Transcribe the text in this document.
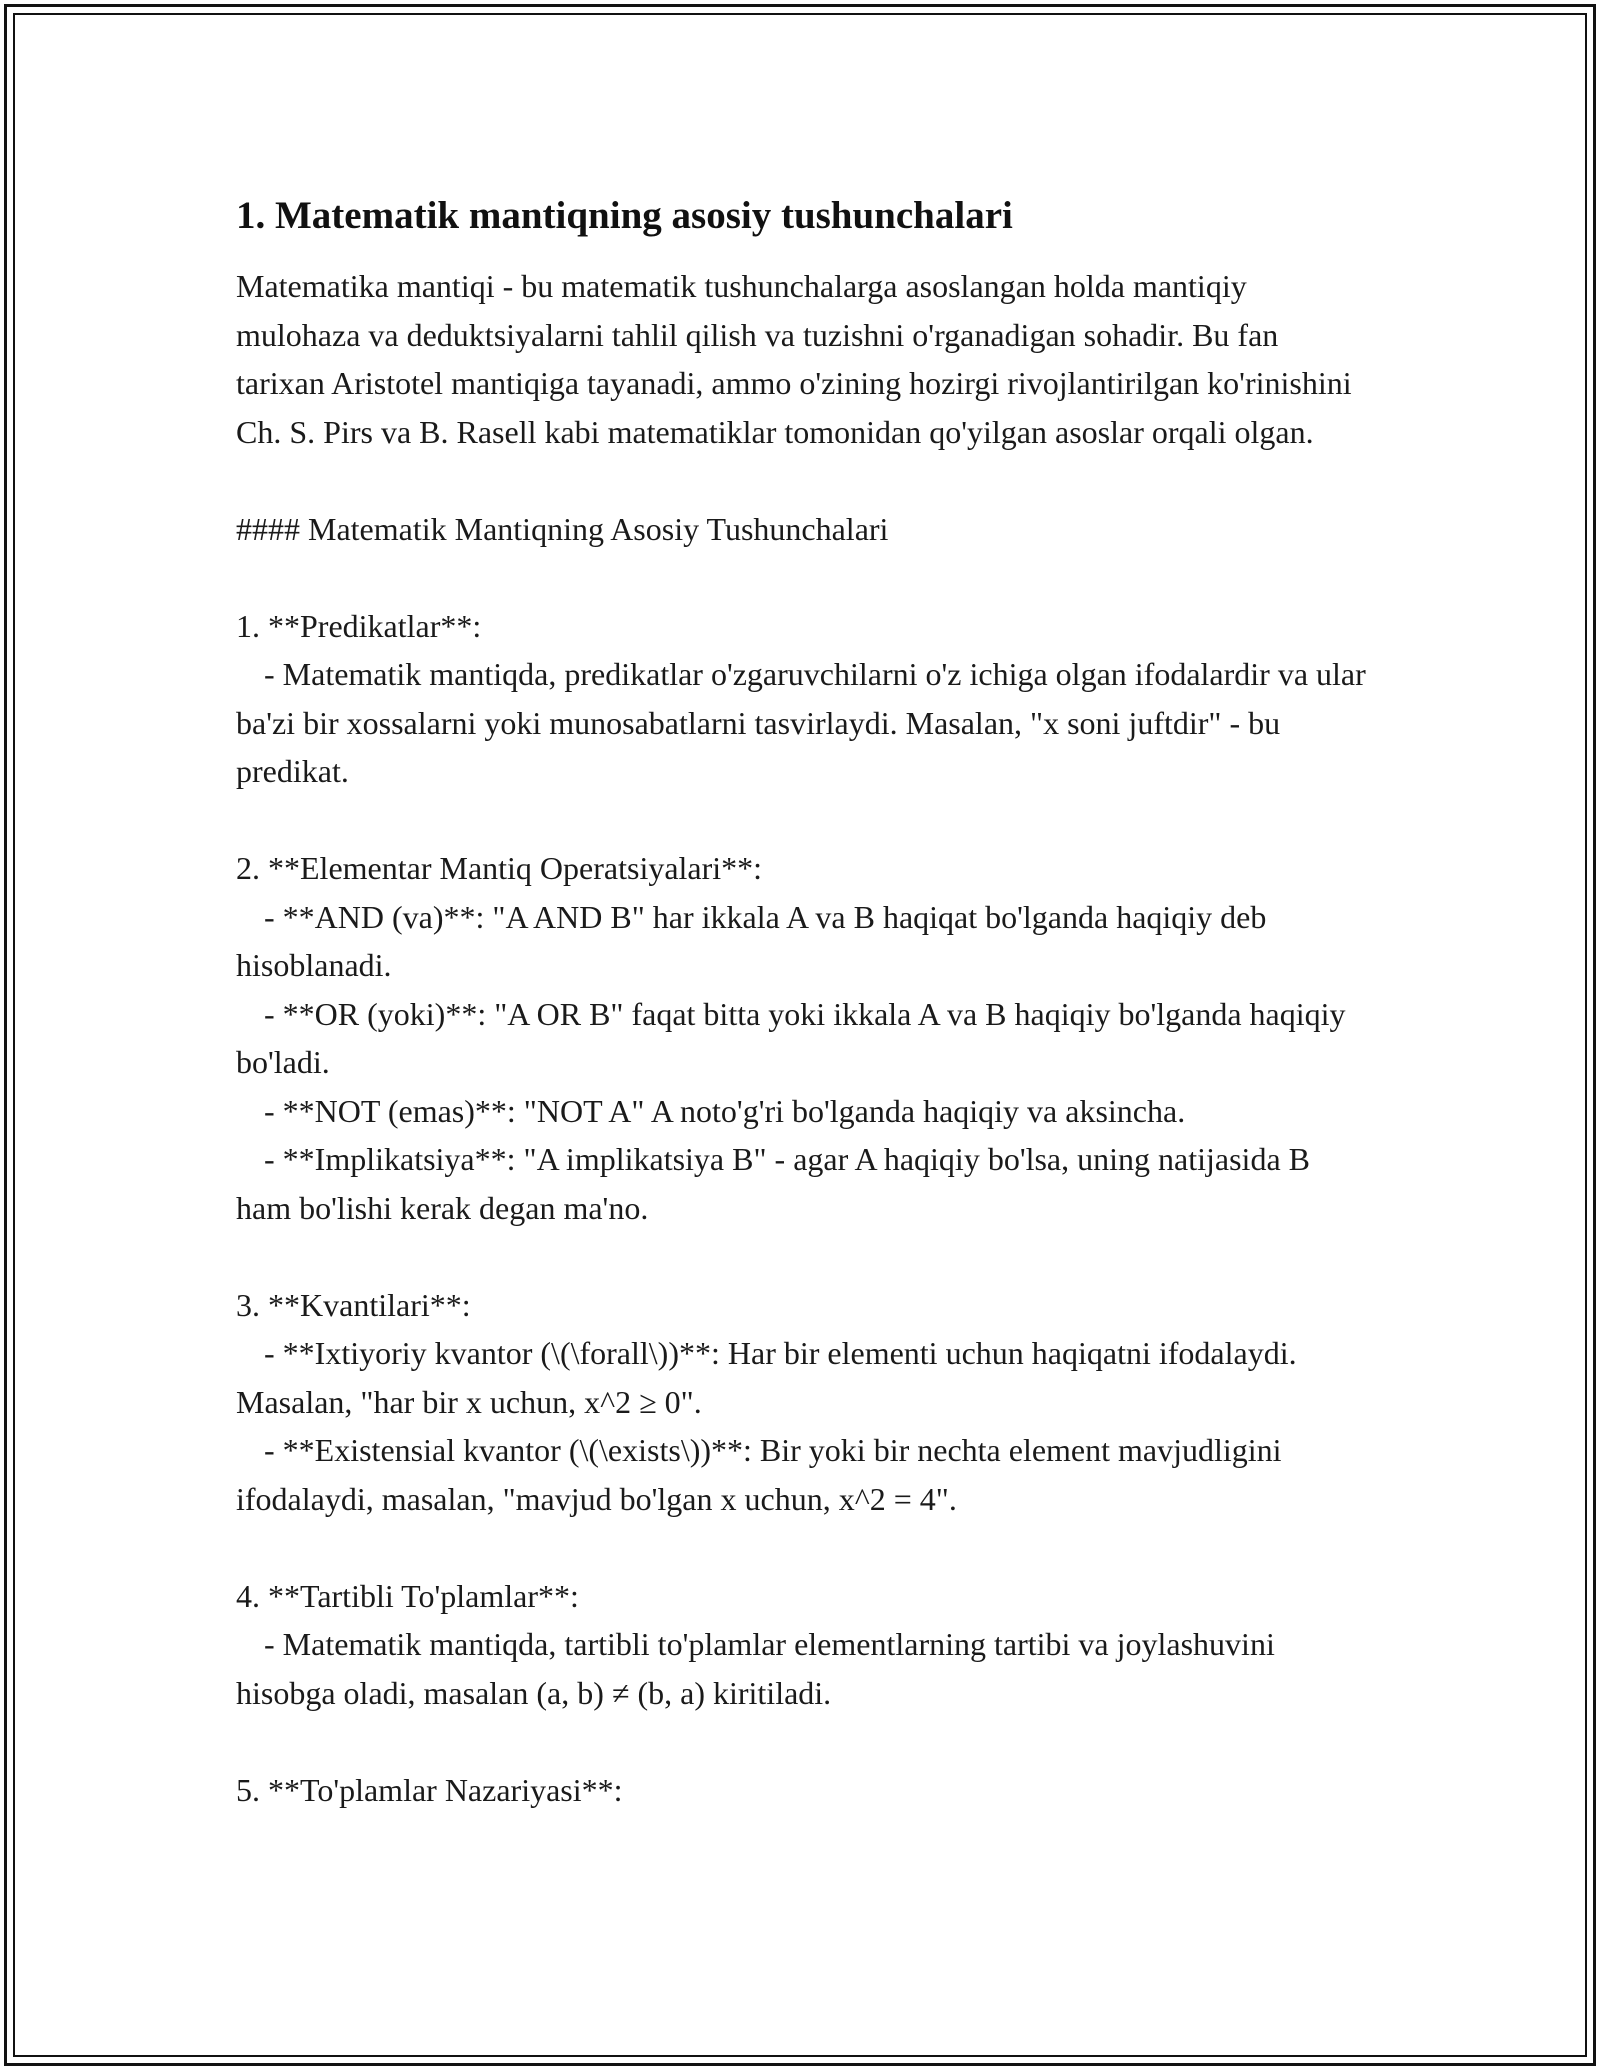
1. Matematik mantiqning asosiy tushunchalari

Matematika mantiqi - bu matematik tushunchalarga asoslangan holda mantiqiy mulohaza va deduktsiyalarni tahlil qilish va tuzishni o'rganadigan sohadir. Bu fan tarixan Aristotel mantiqiga tayanadi, ammo o'zining hozirgi rivojlantirilgan ko'rinishini Ch. S. Pirs va B. Rasell kabi matematiklar tomonidan qo'yilgan asoslar orqali olgan.

#### Matematik Mantiqning Asosiy Tushunchalari

1. **Predikatlar**:

- Matematik mantiqda, predikatlar o'zgaruvchilarni o'z ichiga olgan ifodalardir va ular ba'zi bir xossalarni yoki munosabatlarni tasvirlaydi. Masalan, "x soni juftdir" - bu predikat.

2. **Elementar Mantiq Operatsiyalari**:

- **AND (va)**: "A AND B" har ikkala A va B haqiqat bo'lganda haqiqiy deb hisoblanadi.

- **OR (yoki)**: "A OR B" faqat bitta yoki ikkala A va B haqiqiy bo'lganda haqiqiy bo'ladi.

- **NOT (emas)**: "NOT A" A noto'g'ri bo'lganda haqiqiy va aksincha.

- **Implikatsiya**: "A implikatsiya B" - agar A haqiqiy bo'lsa, uning natijasida B ham bo'lishi kerak degan ma'no.

3. **Kvantilari**:

- **Ixtiyoriy kvantor (\(\forall\))**: Har bir elementi uchun haqiqatni ifodalaydi. Masalan, "har bir x uchun, x^2 ≥ 0".

- **Existensial kvantor (\(\exists\))**: Bir yoki bir nechta element mavjudligini ifodalaydi, masalan, "mavjud bo'lgan x uchun, x^2 = 4".

4. **Tartibli To'plamlar**:

- Matematik mantiqda, tartibli to'plamlar elementlarning tartibi va joylashuvini hisobga oladi, masalan (a, b) ≠ (b, a) kiritiladi.

5. **To'plamlar Nazariyasi**:
